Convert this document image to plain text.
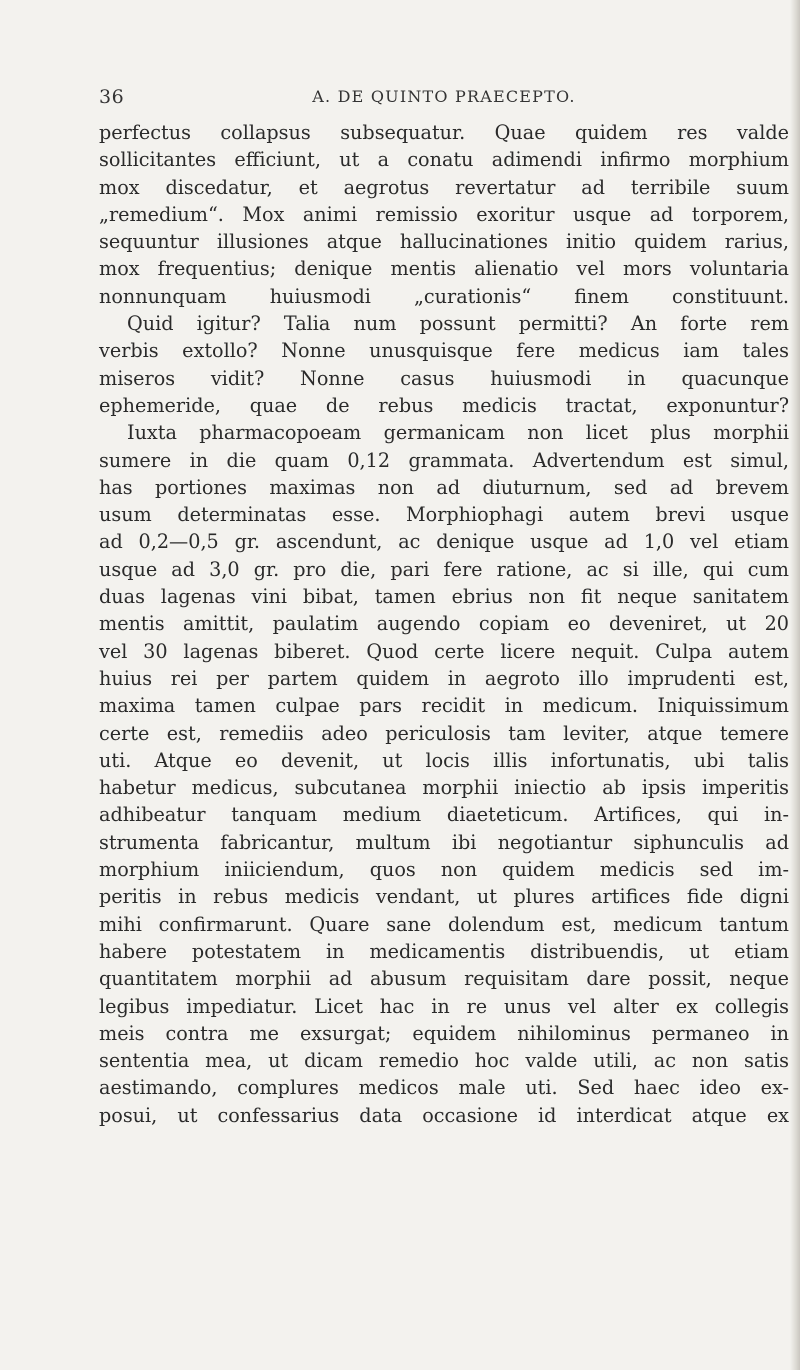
36	A. DE QUINTO PRAECEPTO.
perfectus collapsus subsequatur. Quae quidem res valde
sollicitantes efficiunt, ut a conatu adimendi infirmo morphium
mox discedatur, et aegrotus revertatur ad terribile suum
„remedium“. Mox animi remissio exoritur usque ad torporem,
sequuntur illusiones atque hallucinationes initio quidem rarius,
mox frequentius; denique mentis alienatio vel mors voluntaria
nonnunquam huiusmodi „curationis“ finem constituunt.
Quid igitur? Talia num possunt permitti? An forte rem
verbis extollo? Nonne unusquisque fere medicus iam tales
miseros vidit? Nonne casus huiusmodi in quacunque
ephemeride, quae de rebus medicis tractat, exponuntur?
Iuxta pharmacopoeam germanicam non licet plus morphii
sumere in die quam 0,12 grammata. Advertendum est simul,
has portiones maximas non ad diuturnum, sed ad brevem
usum determinatas esse. Morphiophagi autem brevi usque
ad 0,2—0,5 gr. ascendunt, ac denique usque ad 1,0 vel etiam
usque ad 3,0 gr. pro die, pari fere ratione, ac si ille, qui cum
duas lagenas vini bibat, tamen ebrius non fit neque sanitatem
mentis amittit, paulatim augendo copiam eo deveniret, ut 20
vel 30 lagenas biberet. Quod certe licere nequit. Culpa autem
huius rei per partem quidem in aegroto illo imprudenti est,
maxima tamen culpae pars recidit in medicum. Iniquissimum
certe est, remediis adeo periculosis tam leviter, atque temere
uti. Atque eo devenit, ut locis illis infortunatis, ubi talis
habetur medicus, subcutanea morphii iniectio ab ipsis imperitis
adhibeatur tanquam medium diaeteticum. Artifices, qui in-
strumenta fabricantur, multum ibi negotiantur siphunculis ad
morphium iniiciendum, quos non quidem medicis sed im-
peritis in rebus medicis vendant, ut plures artifices fide digni
mihi confirmarunt. Quare sane dolendum est, medicum tantum
habere potestatem in medicamentis distribuendis, ut etiam
quantitatem morphii ad abusum requisitam dare possit, neque
legibus impediatur. Licet hac in re unus vel alter ex collegis
meis contra me exsurgat; equidem nihilominus permaneo in
sententia mea, ut dicam remedio hoc valde utili, ac non satis
aestimando, complures medicos male uti. Sed haec ideo ex-
posui, ut confessarius data occasione id interdicat atque ex
